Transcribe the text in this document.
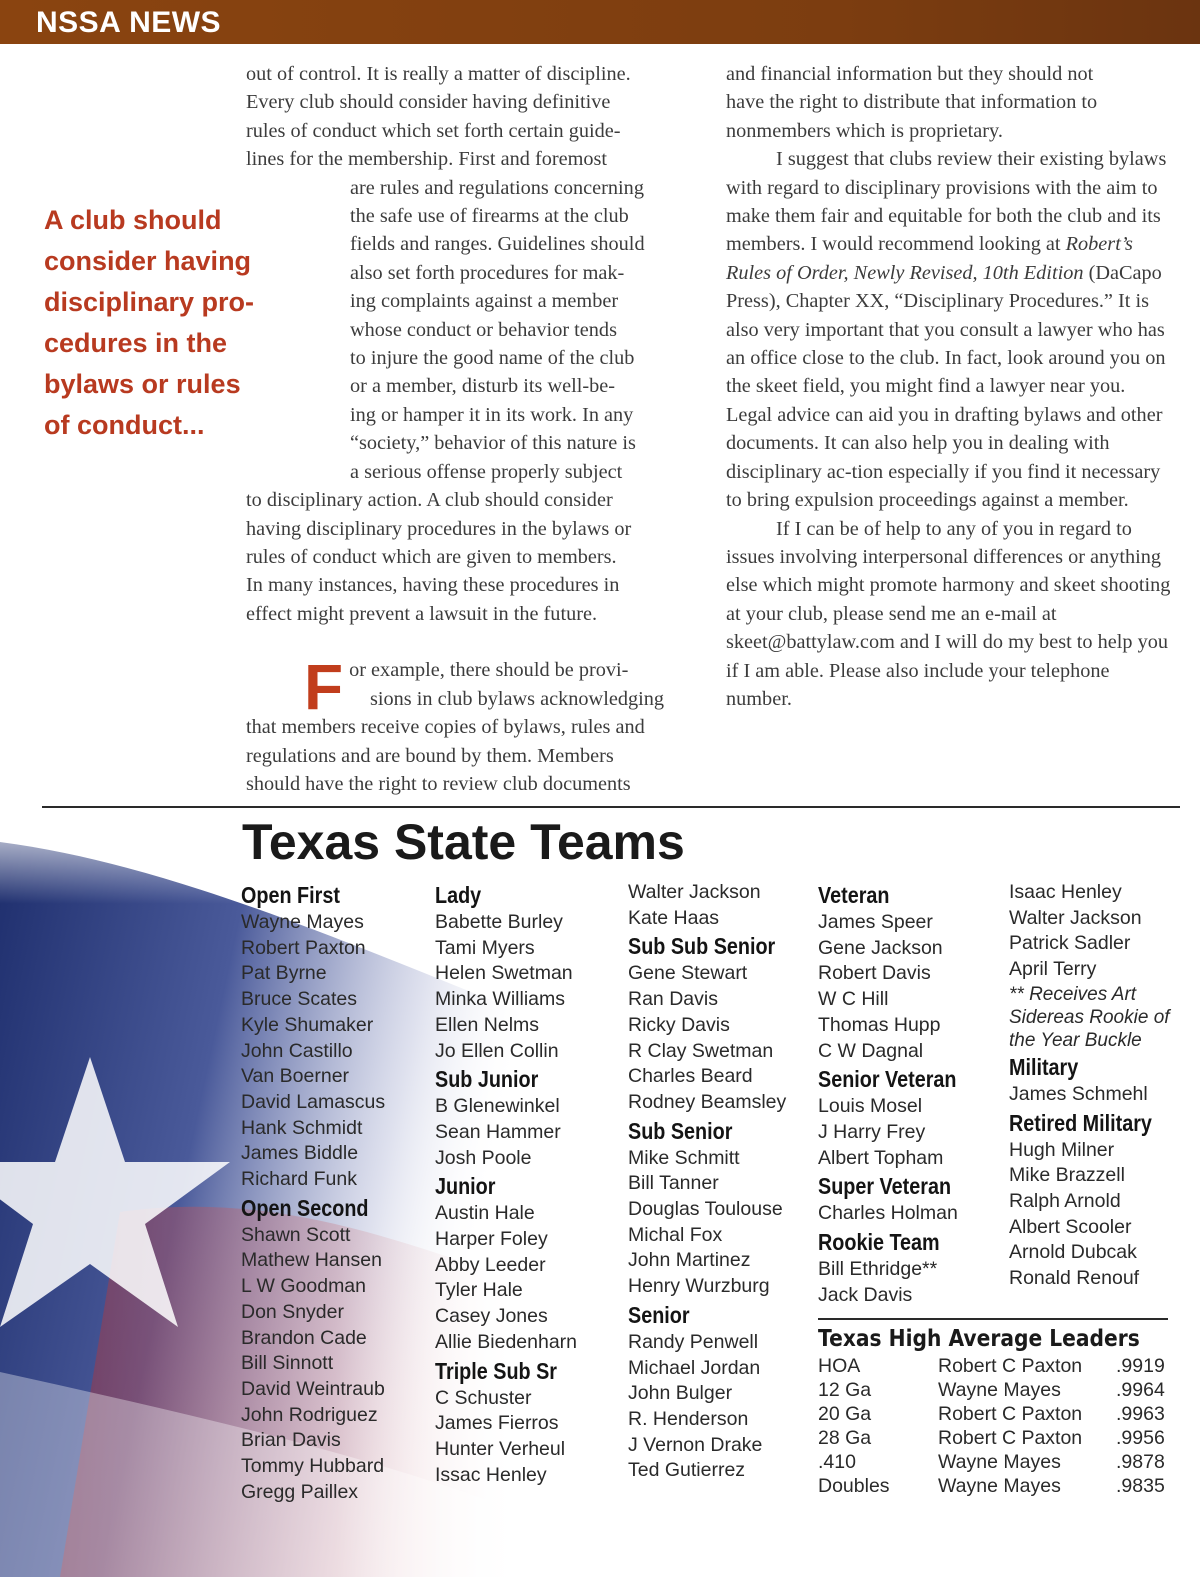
NSSA NEWS
out of control. It is really a matter of discipline.
Every club should consider having definitive
rules of conduct which set forth certain guide-
lines for the membership. First and foremost
are rules and regulations concerning
the safe use of firearms at the club
fields and ranges. Guidelines should
also set forth procedures for mak-
ing complaints against a member
whose conduct or behavior tends
to injure the good name of the club
or a member, disturb its well-be-
ing or hamper it in its work. In any
“society,” behavior of this nature is
a serious offense properly subject
to disciplinary action. A club should consider
having disciplinary procedures in the bylaws or
rules of conduct which are given to members.
In many instances, having these procedures in
effect might prevent a lawsuit in the future.
F or example, there should be provi-
sions in club bylaws acknowledging
that members receive copies of bylaws, rules and
regulations and are bound by them. Members
should have the right to review club documents
A club should
consider having
disciplinary pro-
cedures in the
bylaws or rules
of conduct...
and financial information but they should not
have the right to distribute that information to
nonmembers which is proprietary.

I suggest that clubs review their existing bylaws with regard to disciplinary provisions with the aim to make them fair and equitable for both the club and its members. I would recommend looking at Robert’s Rules of Order, Newly Revised, 10th Edition (DaCapo Press), Chapter XX, “Disciplinary Procedures.” It is also very important that you consult a lawyer who has an office close to the club. In fact, look around you on the skeet field, you might find a lawyer near you. Legal advice can aid you in drafting bylaws and other documents. It can also help you in dealing with disciplinary ac-tion especially if you find it necessary to bring expulsion proceedings against a member.

If I can be of help to any of you in regard to issues involving interpersonal differences or anything else which might promote harmony and skeet shooting at your club, please send me an e-mail at skeet@battylaw.com and I will do my best to help you if I am able. Please also include your telephone number.

Texas State Teams
Open First
Wayne Mayes
Robert Paxton
Pat Byrne
Bruce Scates
Kyle Shumaker
John Castillo
Van Boerner
David Lamascus
Hank Schmidt
James Biddle
Richard Funk
Open Second
Shawn Scott
Mathew Hansen
L W Goodman
Don Snyder
Brandon Cade
Bill Sinnott
David Weintraub
John Rodriguez
Brian Davis
Tommy Hubbard
Gregg Paillex
Lady
Babette Burley
Tami Myers
Helen Swetman
Minka Williams
Ellen Nelms
Jo Ellen Collin
Sub Junior
B Glenewinkel
Sean Hammer
Josh Poole
Junior
Austin Hale
Harper Foley
Abby Leeder
Tyler Hale
Casey Jones
Allie Biedenharn
Triple Sub Sr
C Schuster
James Fierros
Hunter Verheul
Issac Henley
Walter Jackson
Kate Haas
Sub Sub Senior
Gene Stewart
Ran Davis
Ricky Davis
R Clay Swetman
Charles Beard
Rodney Beamsley
Sub Senior
Mike Schmitt
Bill Tanner
Douglas Toulouse
Michal Fox
John Martinez
Henry Wurzburg
Senior
Randy Penwell
Michael Jordan
John Bulger
R. Henderson
J Vernon Drake
Ted Gutierrez
Veteran
James Speer
Gene Jackson
Robert Davis
W C Hill
Thomas Hupp
C W Dagnal
Senior Veteran
Louis Mosel
J Harry Frey
Albert Topham
Super Veteran
Charles Holman
Rookie Team
Bill Ethridge**
Jack Davis
Isaac Henley
Walter Jackson
Patrick Sadler
April Terry
** Receives Art Sidereas Rookie of the Year Buckle
Military
James Schmehl
Retired Military
Hugh Milner
Mike Brazzell
Ralph Arnold
Albert Scooler
Arnold Dubcak
Ronald Renouf
Texas High Average Leaders
HOA	Robert C Paxton	.9919
12 Ga	Wayne Mayes	.9964
20 Ga	Robert C Paxton	.9963
28 Ga	Robert C Paxton	.9956
.410	Wayne Mayes	.9878
Doubles	Wayne Mayes	.9835
